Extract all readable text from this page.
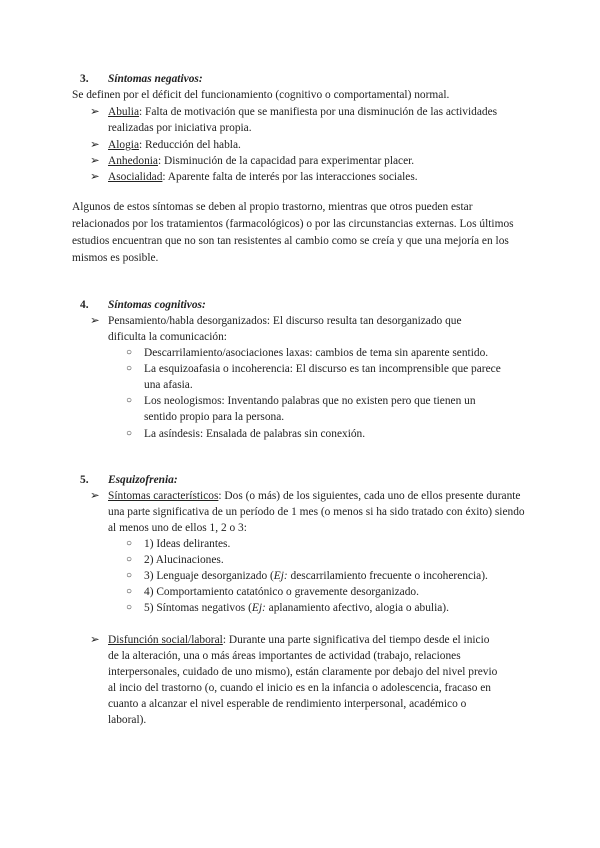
3. Síntomas negativos:
Se definen por el déficit del funcionamiento (cognitivo o comportamental) normal.
➢ Abulia: Falta de motivación que se manifiesta por una disminución de las actividades realizadas por iniciativa propia.
➢ Alogia: Reducción del habla.
➢ Anhedonia: Disminución de la capacidad para experimentar placer.
➢ Asocialidad: Aparente falta de interés por las interacciones sociales.
Algunos de estos síntomas se deben al propio trastorno, mientras que otros pueden estar relacionados por los tratamientos (farmacológicos) o por las circunstancias externas. Los últimos estudios encuentran que no son tan resistentes al cambio como se creía y que una mejoría en los mismos es posible.
4. Síntomas cognitivos:
➢ Pensamiento/habla desorganizados: El discurso resulta tan desorganizado que dificulta la comunicación:
○	Descarrilamiento/asociaciones laxas: cambios de tema sin aparente sentido.
○	La esquizoafasia o incoherencia: El discurso es tan incomprensible que parece una afasia.
○	Los neologismos: Inventando palabras que no existen pero que tienen un sentido propio para la persona.
○	La asíndesis: Ensalada de palabras sin conexión.
5. Esquizofrenia:
➢ Síntomas característicos: Dos (o más) de los siguientes, cada uno de ellos presente durante una parte significativa de un período de 1 mes (o menos si ha sido tratado con éxito) siendo al menos uno de ellos 1, 2 o 3:
○	1) Ideas delirantes.
○	2) Alucinaciones.
○	3) Lenguaje desorganizado (Ej: descarrilamiento frecuente o incoherencia).
○	4) Comportamiento catatónico o gravemente desorganizado.
○	5) Síntomas negativos (Ej: aplanamiento afectivo, alogia o abulia).
➢ Disfunción social/laboral: Durante una parte significativa del tiempo desde el inicio de la alteración, una o más áreas importantes de actividad (trabajo, relaciones interpersonales, cuidado de uno mismo), están claramente por debajo del nivel previo al incio del trastorno (o, cuando el inicio es en la infancia o adolescencia, fracaso en cuanto a alcanzar el nivel esperable de rendimiento interpersonal, académico o laboral).
